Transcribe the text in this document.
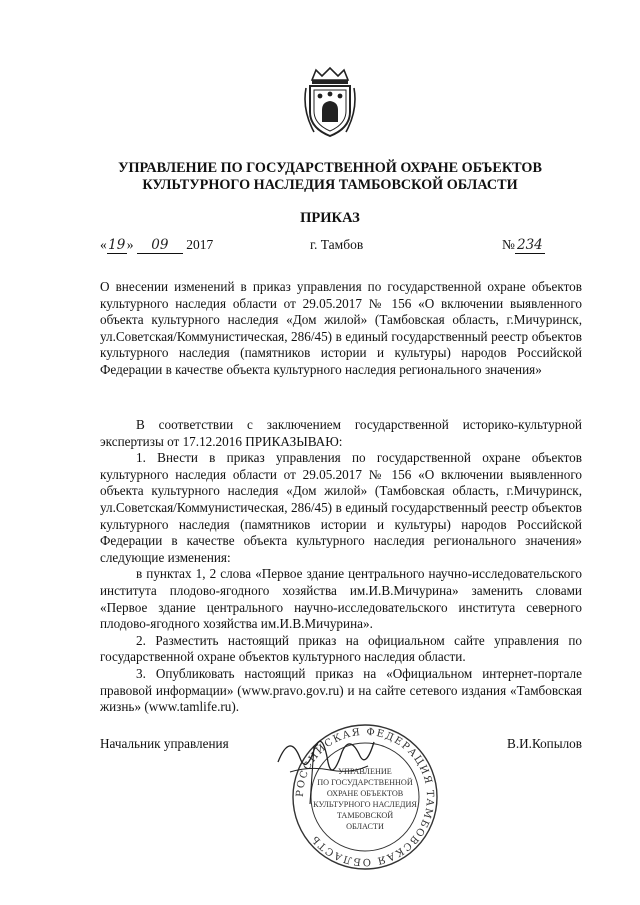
УПРАВЛЕНИЕ ПО ГОСУДАРСТВЕННОЙ ОХРАНЕ ОБЪЕКТОВ
КУЛЬТУРНОГО НАСЛЕДИЯ ТАМБОВСКОЙ ОБЛАСТИ
ПРИКАЗ
«19» 09 2017	г. Тамбов	№ 234
О внесении изменений в приказ управления по государственной охране объектов культурного наследия области от 29.05.2017 № 156 «О включении выявленного объекта культурного наследия «Дом жилой» (Тамбовская область, г.Мичуринск, ул.Советская/Коммунистическая, 286/45) в единый государственный реестр объектов культурного наследия (памятников истории и культуры) народов Российской Федерации в качестве объекта культурного наследия регионального значения»

В соответствии с заключением государственной историко-культурной экспертизы от 17.12.2016 ПРИКАЗЫВАЮ:

1. Внести в приказ управления по государственной охране объектов культурного наследия области от 29.05.2017 № 156 «О включении выявленного объекта культурного наследия «Дом жилой» (Тамбовская область, г.Мичуринск, ул.Советская/Коммунистическая, 286/45) в единый государственный реестр объектов культурного наследия (памятников истории и культуры) народов Российской Федерации в качестве объекта культурного наследия регионального значения» следующие изменения:

в пунктах 1, 2 слова «Первое здание центрального научно-исследовательского института плодово-ягодного хозяйства им.И.В.Мичурина» заменить словами «Первое здание центрального научно-исследовательского института северного плодово-ягодного хозяйства им.И.В.Мичурина».

2. Разместить настоящий приказ на официальном сайте управления по государственной охране объектов культурного наследия области.

3. Опубликовать настоящий приказ на «Официальном интернет-портале правовой информации» (www.pravo.gov.ru) и на сайте сетевого издания «Тамбовская жизнь» (www.tamlife.ru).

РОССИЙСКАЯ ФЕДЕРАЦИЯ ТАМБОВСКАЯ ОБЛАСТЬ
УПРАВЛЕНИЕ
ПО ГОСУДАРСТВЕННОЙ
ОХРАНЕ ОБЪЕКТОВ
КУЛЬТУРНОГО НАСЛЕДИЯ
ТАМБОВСКОЙ
ОБЛАСТИ
Начальник управления	В.И.Копылов
